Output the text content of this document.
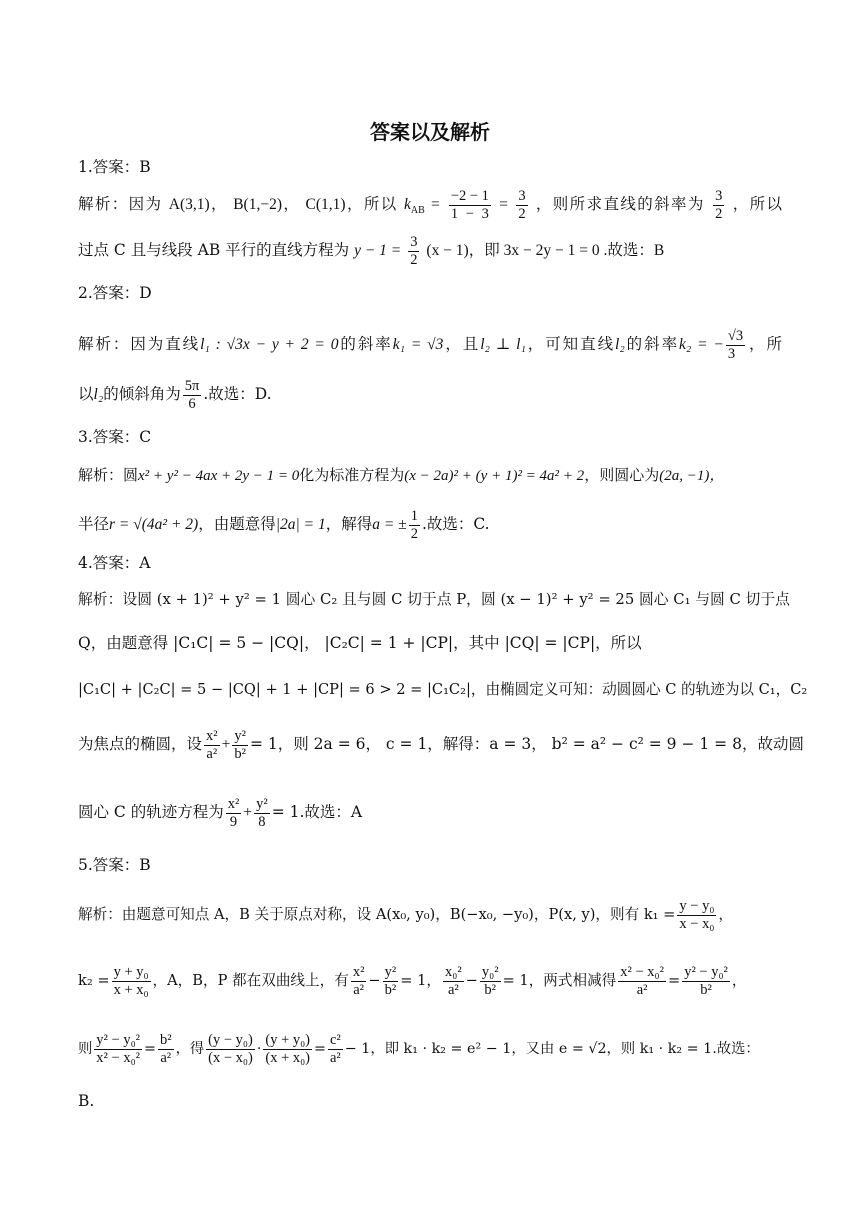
答案以及解析
1.答案：B
解析：因为 A(3,1)， B(1,−2)， C(1,1)，所以 $k_{AB} = \frac{-2 - 1}{1 - 3} = \frac{3}{2}$ ，则所求直线的斜率为 $\frac{3}{2}$ ，所以
过点 C 且与线段 AB 平行的直线方程为 $y - 1 = \frac{3}{2} (x - 1)$，即 3x − 2y − 1 = 0 .故选：B
2.答案：D
解析：因为直线l₁ : √3x − y + 2 = 0的斜率k₁ = √3，且l₂ ⊥ l₁，可知直线l₂的斜率k₂ = − $\frac{√3}{3}$ ，所
以l₂的倾斜角为 $\frac{5\pi}{6}$ .故选：D.
3.答案：C
解析：圆x² + y² − 4ax + 2y − 1 = 0化为标准方程为(x − 2a)² + (y + 1)² = 4a² + 2，则圆心为(2a, −1)，
半径r = √(4a² + 2)，由题意得|2a| = 1，解得a = ± $\frac{1}{2}$ .故选：C.
4.答案：A
解析：设圆 (x + 1)² + y² = 1 圆心 C₂ 且与圆 C 切于点 P，圆 (x − 1)² + y² = 25 圆心 C₁ 与圆 C 切于点
Q，由题意得 |C₁C| = 5 − |CQ|， |C₂C| = 1 + |CP|，其中 |CQ| = |CP|，所以
|C₁C| + |C₂C| = 5 − |CQ| + 1 + |CP| = 6 > 2 = |C₁C₂|，由椭圆定义可知：动圆圆心 C 的轨迹为以 C₁，C₂
为焦点的椭圆，设 $\frac{\text{x²}}{\text{a²}} + \frac{\text{y²}}{\text{b²}} = 1$，则 2a = 6， c = 1，解得：a = 3， b² = a² − c² = 9 − 1 = 8，故动圆
圆心 C 的轨迹方程为 $\frac{\text{x²}}{9} + \frac{\text{y²}}{8} = 1$.故选：A
5.答案：B
解析：由题意可知点 A，B 关于原点对称，设 A(x₀, y₀)，B(−x₀, −y₀)，P(x, y)，则有 $k_1 = \frac{\text{y − y₀}}{\text{x − x₀}}$ ，
$k_2 = \frac{\text{y + y₀}}{\text{x + x₀}}$ ，A，B，P 都在双曲线上，有 $\frac{\text{x²}}{\text{a²}} - \frac{\text{y²}}{\text{b²}} = 1$， $\frac{\text{x₀²}}{\text{a²}} - \frac{\text{y₀²}}{\text{b²}} = 1$，两式相减得 $\frac{\text{x² − x₀²}}{\text{a²}} = \frac{\text{y² − y₀²}}{\text{b²}}$ ，
则 $\frac{\text{y² − y₀²}}{\text{x² − x₀²}} = \frac{\text{b²}}{\text{a²}}$ ，得 $\frac{\text{(y − y₀)}}{\text{(x − x₀)}} \cdot \frac{\text{(y + y₀)}}{\text{(x + x₀)}} = \frac{\text{c²}}{\text{a²}} - 1$，即 k₁ · k₂ = e² − 1，又由 e = √2，则 k₁ · k₂ = 1.故选：
B.
